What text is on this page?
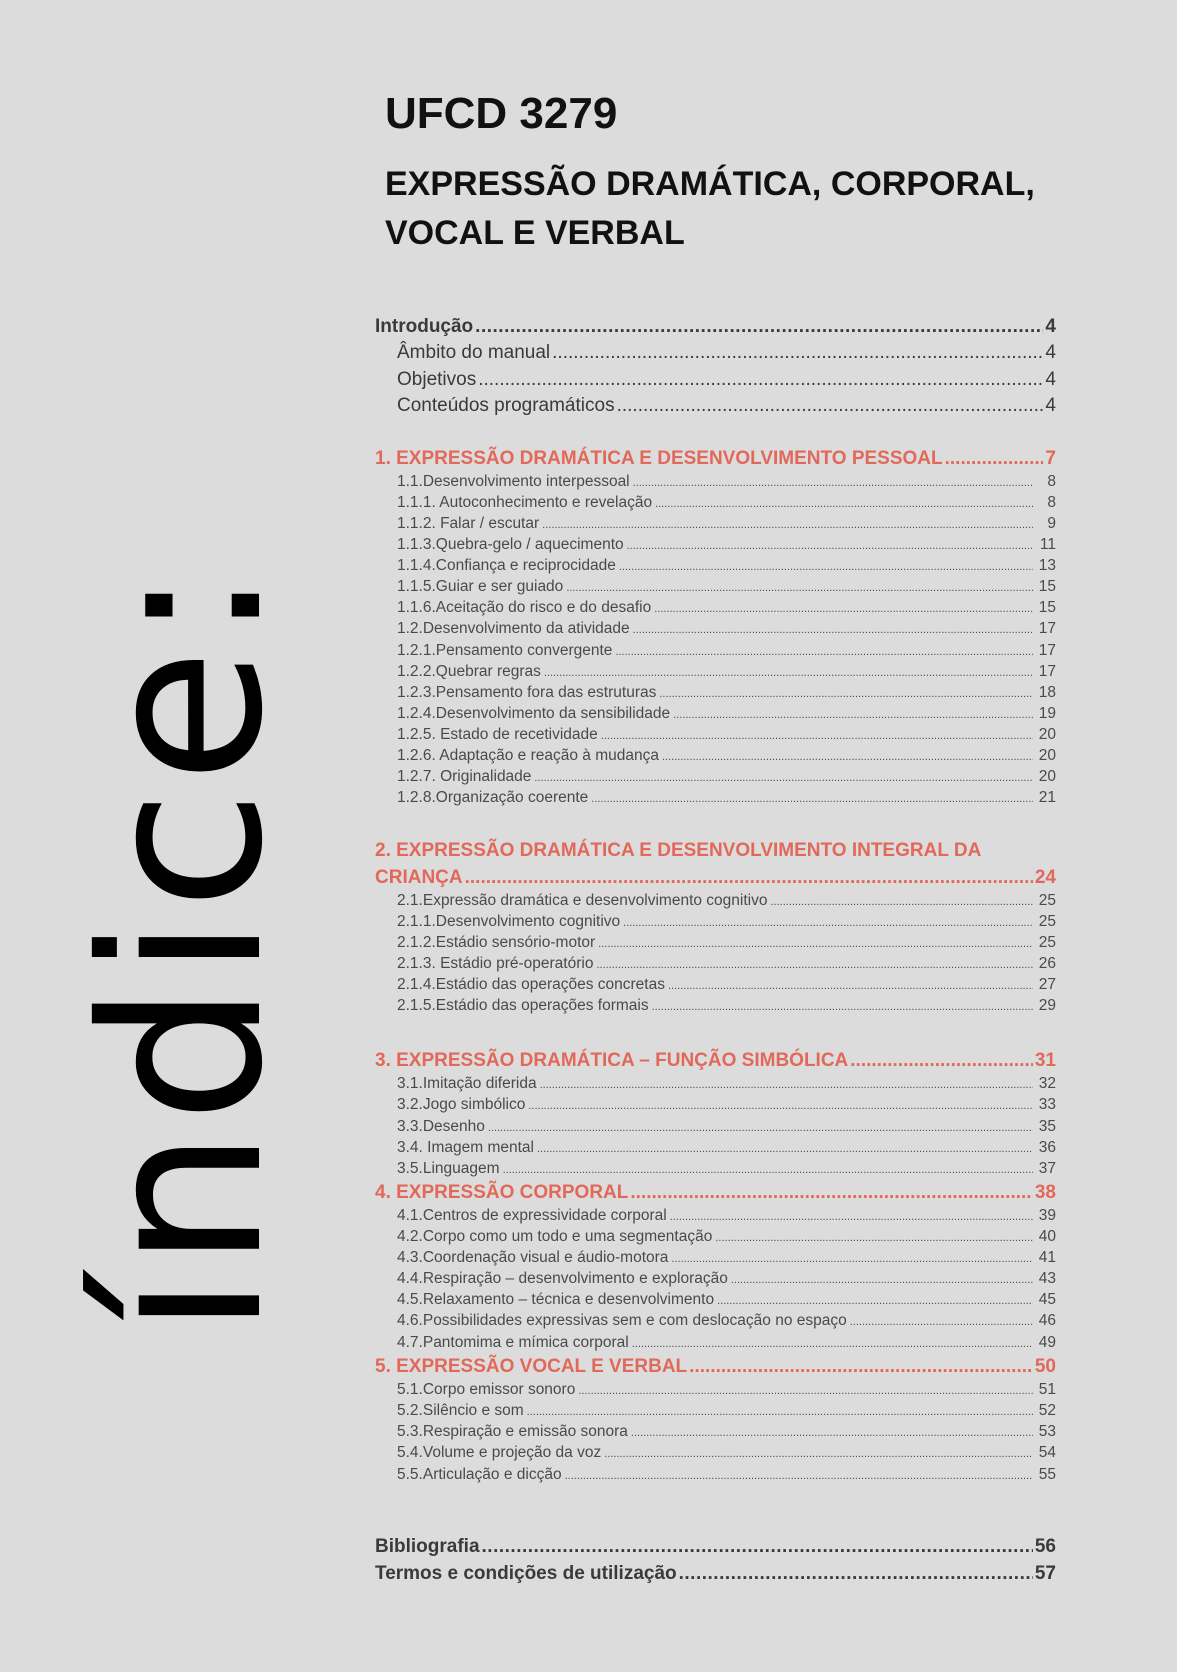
índice:
UFCD 3279
EXPRESSÃO DRAMÁTICA, CORPORAL,
VOCAL E VERBAL
Introdução .....	4
Âmbito do manual .....	4
Objetivos .....	4
Conteúdos programáticos .....	4
1. EXPRESSÃO DRAMÁTICA E DESENVOLVIMENTO PESSOAL .....	7
1.1.Desenvolvimento interpessoal .....	8
1.1.1. Autoconhecimento e revelação .....	8
1.1.2. Falar / escutar .....	9
1.1.3.Quebra-gelo / aquecimento .....	11
1.1.4.Confiança e reciprocidade .....	13
1.1.5.Guiar e ser guiado .....	15
1.1.6.Aceitação do risco e do desafio .....	15
1.2.Desenvolvimento da atividade .....	17
1.2.1.Pensamento convergente .....	17
1.2.2.Quebrar regras .....	17
1.2.3.Pensamento fora das estruturas .....	18
1.2.4.Desenvolvimento da sensibilidade .....	19
1.2.5. Estado de recetividade .....	20
1.2.6. Adaptação e reação à mudança .....	20
1.2.7. Originalidade .....	20
1.2.8.Organização coerente .....	21
2. EXPRESSÃO DRAMÁTICA E DESENVOLVIMENTO INTEGRAL DA
CRIANÇA .....	24
2.1.Expressão dramática e desenvolvimento cognitivo .....	25
2.1.1.Desenvolvimento cognitivo .....	25
2.1.2.Estádio sensório-motor .....	25
2.1.3. Estádio pré-operatório .....	26
2.1.4.Estádio das operações concretas .....	27
2.1.5.Estádio das operações formais .....	29
3. EXPRESSÃO DRAMÁTICA – FUNÇÃO SIMBÓLICA .....	31
3.1.Imitação diferida .....	32
3.2.Jogo simbólico .....	33
3.3.Desenho .....	35
3.4. Imagem mental .....	36
3.5.Linguagem .....	37
4. EXPRESSÃO CORPORAL .....	38
4.1.Centros de expressividade corporal .....	39
4.2.Corpo como um todo e uma segmentação .....	40
4.3.Coordenação visual e áudio-motora .....	41
4.4.Respiração – desenvolvimento e exploração .....	43
4.5.Relaxamento – técnica e desenvolvimento .....	45
4.6.Possibilidades expressivas sem e com deslocação no espaço .....	46
4.7.Pantomima e mímica corporal .....	49
5. EXPRESSÃO VOCAL E VERBAL .....	50
5.1.Corpo emissor sonoro .....	51
5.2.Silêncio e som .....	52
5.3.Respiração e emissão sonora .....	53
5.4.Volume e projeção da voz .....	54
5.5.Articulação e dicção .....	55
Bibliografia .....	56
Termos e condições de utilização .....	57
